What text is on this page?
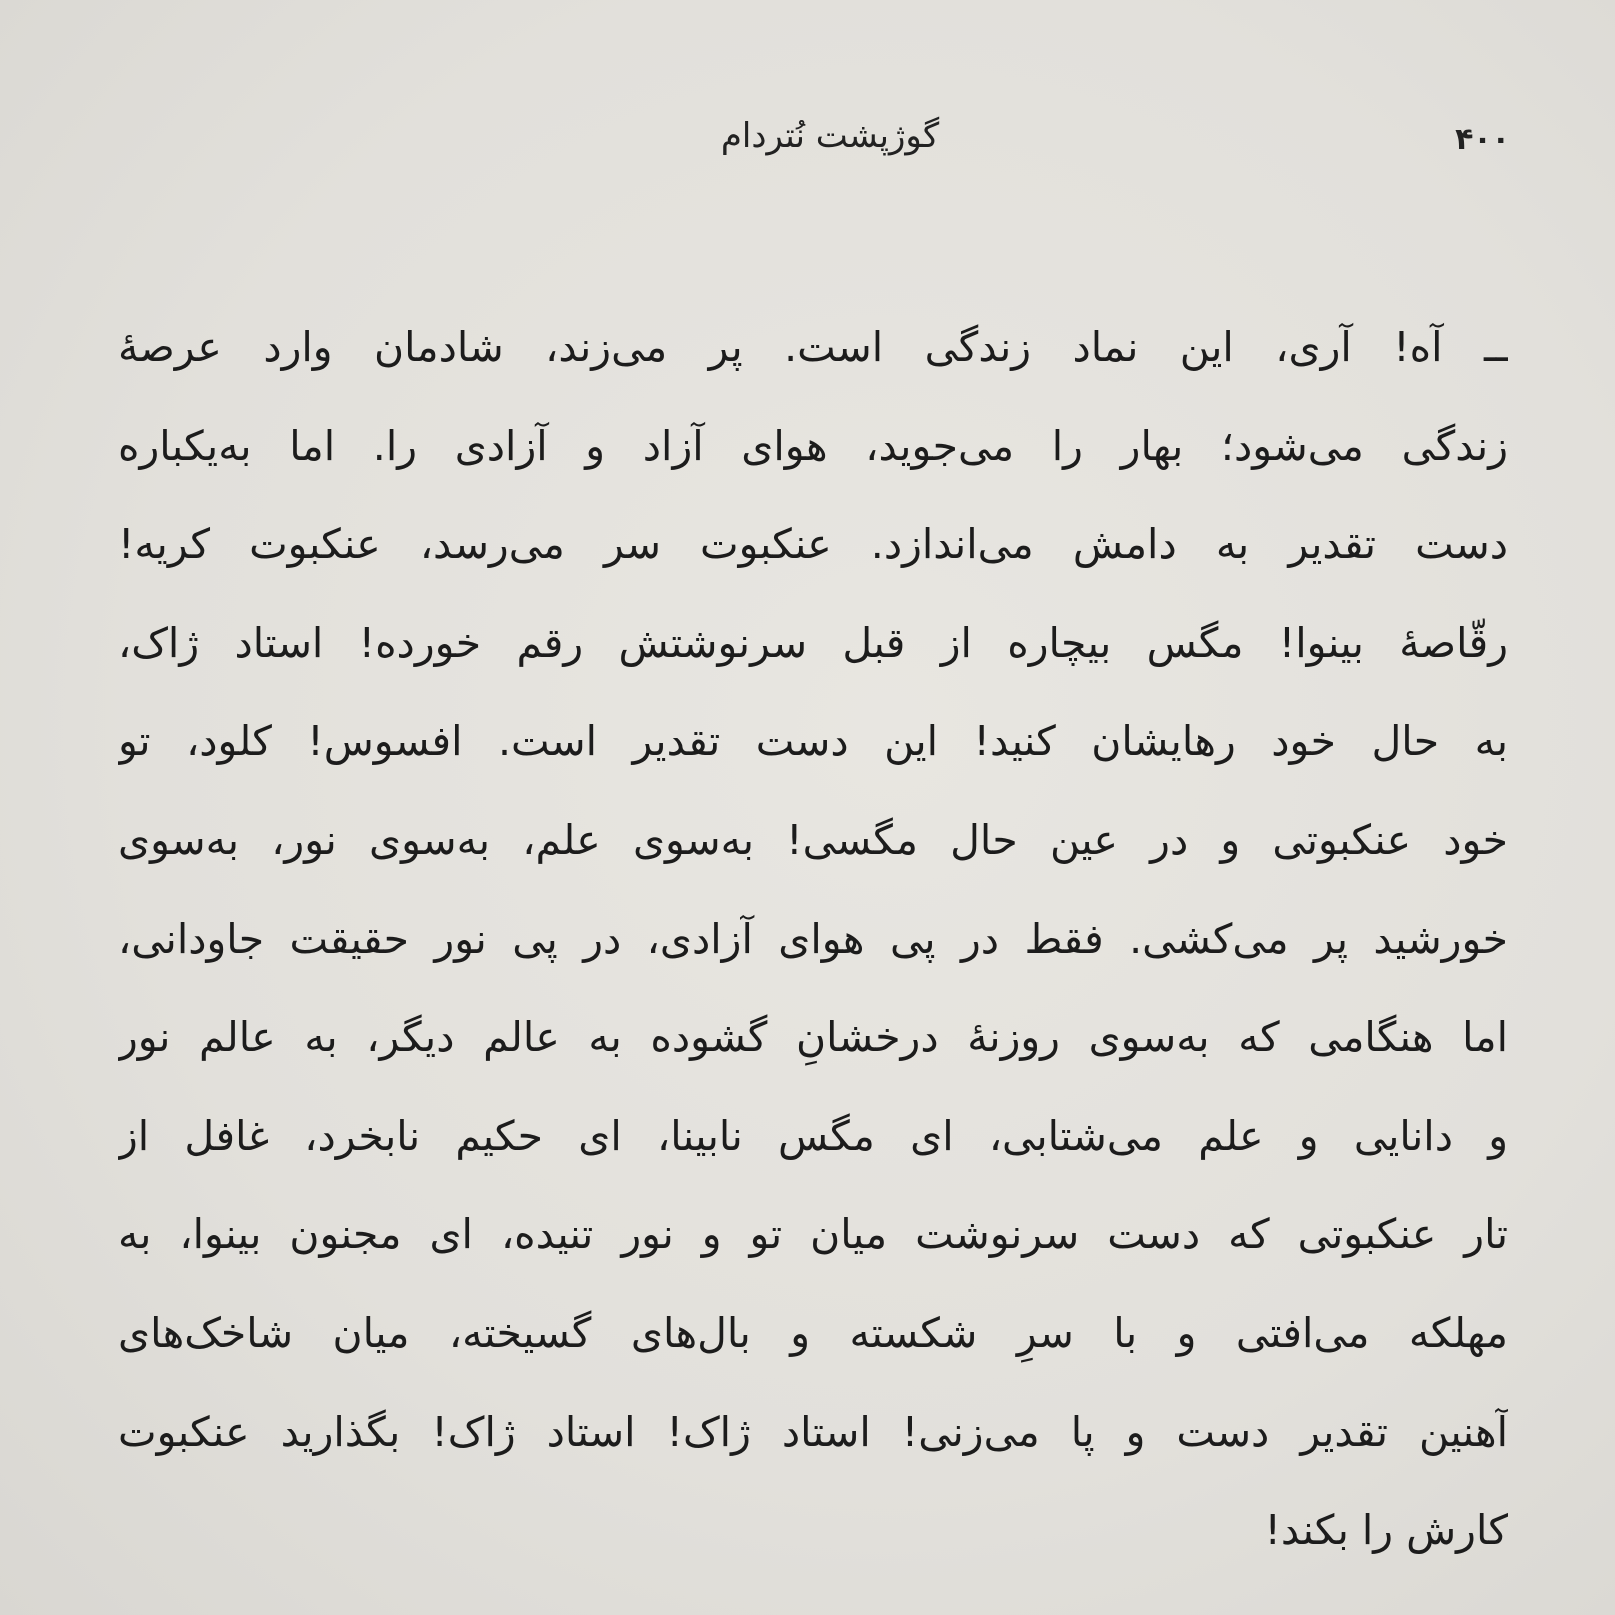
۴۰۰
گوژپشت نُتردام
ــ آه! آری، این نماد زندگی است. پر می‌زند، شادمان وارد عرصهٔ
زندگی می‌شود؛ بهار را می‌جوید، هوای آزاد و آزادی را. اما به‌یکباره
دست تقدیر به دامش می‌اندازد. عنکبوت سر می‌رسد، عنکبوت کریه!
رقّاصهٔ بینوا! مگس بیچاره از قبل سرنوشتش رقم خورده! استاد ژاک،
به حال خود رهایشان کنید! این دست تقدیر است. افسوس! کلود، تو
خود عنکبوتی و در عین حال مگسی! به‌سوی علم، به‌سوی نور، به‌سوی
خورشید پر می‌کشی. فقط در پی هوای آزادی، در پی نور حقیقت جاودانی،
اما هنگامی که به‌سوی روزنهٔ درخشانِ گشوده به عالم دیگر، به عالم نور
و دانایی و علم می‌شتابی، ای مگس نابینا، ای حکیم نابخرد، غافل از
تار عنکبوتی که دست سرنوشت میان تو و نور تنیده، ای مجنون بینوا، به
مهلکه می‌افتی و با سرِ شکسته و بال‌های گسیخته، میان شاخک‌های
آهنین تقدیر دست و پا می‌زنی! استاد ژاک! استاد ژاک! بگذارید عنکبوت
کارش را بکند!
